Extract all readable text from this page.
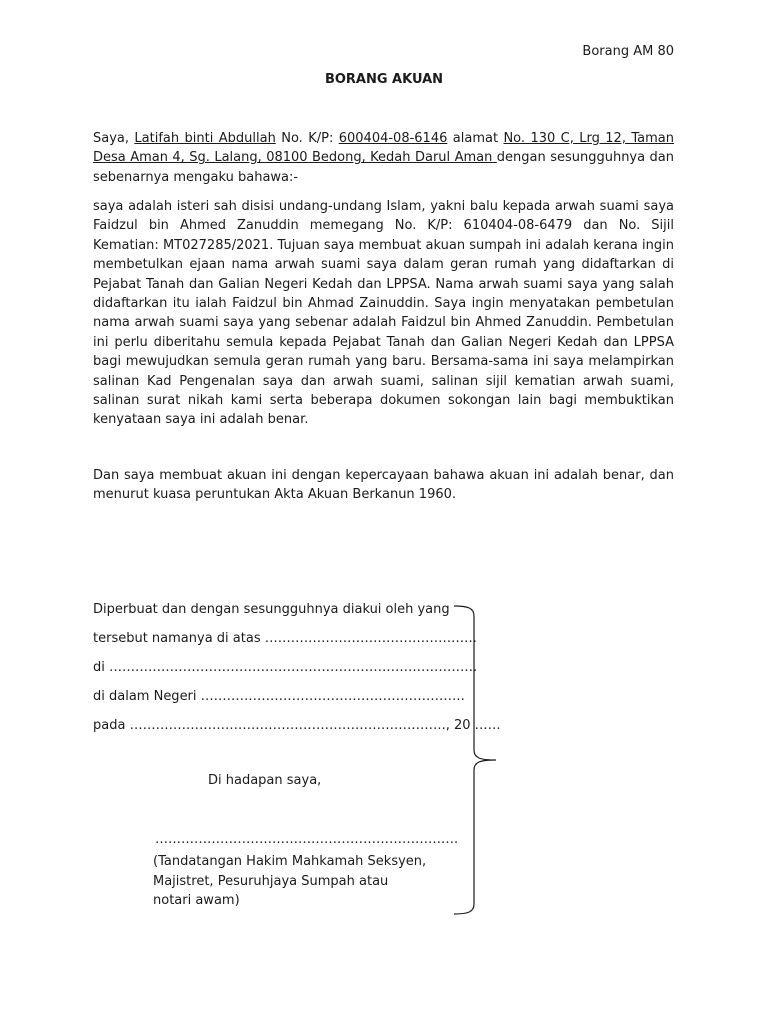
Borang AM 80
BORANG AKUAN
Saya, Latifah binti Abdullah No. K/P: 600404-08-6146 alamat No. 130 C, Lrg 12, Taman Desa Aman 4, Sg. Lalang, 08100 Bedong, Kedah Darul Aman dengan sesungguhnya dan sebenarnya mengaku bahawa:-
saya adalah isteri sah disisi undang-undang Islam, yakni balu kepada arwah suami saya Faidzul bin Ahmed Zanuddin memegang No. K/P: 610404-08-6479 dan No. Sijil Kematian: MT027285/2021. Tujuan saya membuat akuan sumpah ini adalah kerana ingin membetulkan ejaan nama arwah suami saya dalam geran rumah yang didaftarkan di Pejabat Tanah dan Galian Negeri Kedah dan LPPSA. Nama arwah suami saya yang salah didaftarkan itu ialah Faidzul bin Ahmad Zainuddin. Saya ingin menyatakan pembetulan nama arwah suami saya yang sebenar adalah Faidzul bin Ahmed Zanuddin. Pembetulan ini perlu diberitahu semula kepada Pejabat Tanah dan Galian Negeri Kedah dan LPPSA bagi mewujudkan semula geran rumah yang baru. Bersama-sama ini saya melampirkan salinan Kad Pengenalan saya dan arwah suami, salinan sijil kematian arwah suami, salinan surat nikah kami serta beberapa dokumen sokongan lain bagi membuktikan kenyataan saya ini adalah benar.
Dan saya membuat akuan ini dengan kepercayaan bahawa akuan ini adalah benar, dan menurut kuasa peruntukan Akta Akuan Berkanun 1960.
Diperbuat dan dengan sesungguhnya diakui oleh yang
tersebut namanya di atas ………………………………………….
di ………………………………………………………………………….
di dalam Negeri …………………………………………………….
pada ………………………………………………………………., 20 ……
Di hadapan saya,
…………………………………………………………….
(Tandatangan Hakim Mahkamah Seksyen,
Majistret, Pesuruhjaya Sumpah atau
notari awam)
